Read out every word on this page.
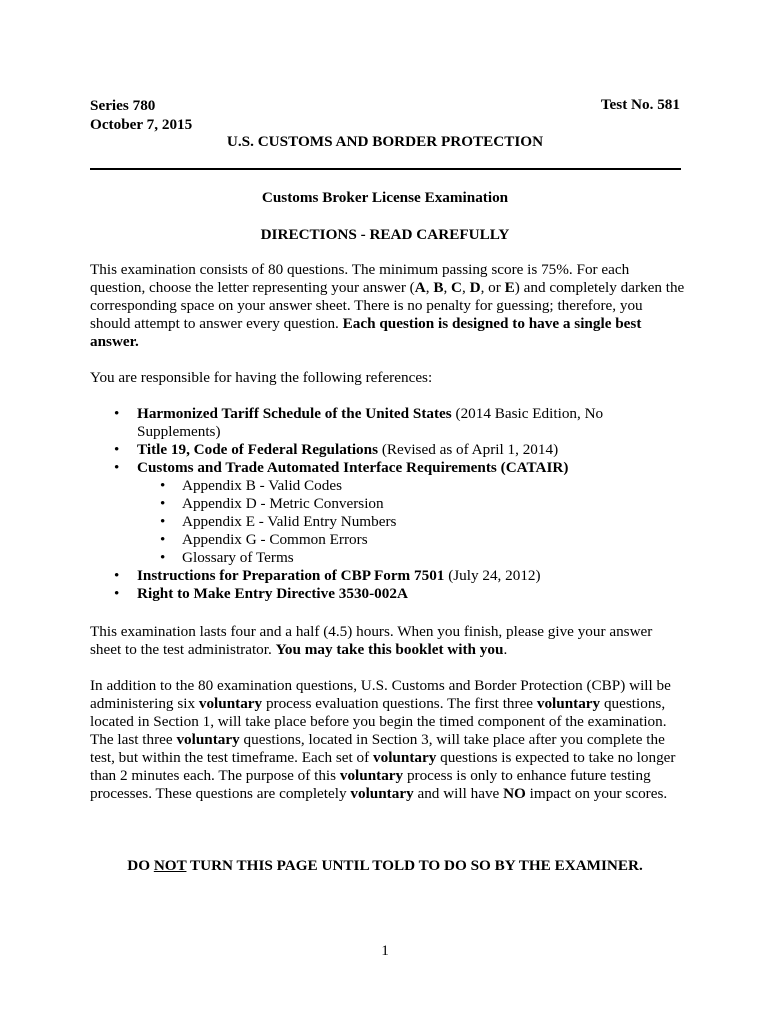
Series 780
October 7, 2015
Test No. 581
U.S. CUSTOMS AND BORDER PROTECTION
Customs Broker License Examination
DIRECTIONS - READ CAREFULLY

This examination consists of 80 questions. The minimum passing score is 75%. For each question, choose the letter representing your answer (A, B, C, D, or E) and completely darken the corresponding space on your answer sheet. There is no penalty for guessing; therefore, you should attempt to answer every question. Each question is designed to have a single best answer.

You are responsible for having the following references:

• Harmonized Tariff Schedule of the United States (2014 Basic Edition, No Supplements)
• Title 19, Code of Federal Regulations (Revised as of April 1, 2014)
• Customs and Trade Automated Interface Requirements (CATAIR)
• Appendix B - Valid Codes
• Appendix D - Metric Conversion
• Appendix E - Valid Entry Numbers
• Appendix G - Common Errors
• Glossary of Terms
• Instructions for Preparation of CBP Form 7501 (July 24, 2012)
• Right to Make Entry Directive 3530-002A

This examination lasts four and a half (4.5) hours. When you finish, please give your answer sheet to the test administrator. You may take this booklet with you.

In addition to the 80 examination questions, U.S. Customs and Border Protection (CBP) will be administering six voluntary process evaluation questions. The first three voluntary questions, located in Section 1, will take place before you begin the timed component of the examination. The last three voluntary questions, located in Section 3, will take place after you complete the test, but within the test timeframe. Each set of voluntary questions is expected to take no longer than 2 minutes each. The purpose of this voluntary process is only to enhance future testing processes. These questions are completely voluntary and will have NO impact on your scores.

DO NOT TURN THIS PAGE UNTIL TOLD TO DO SO BY THE EXAMINER.
1
